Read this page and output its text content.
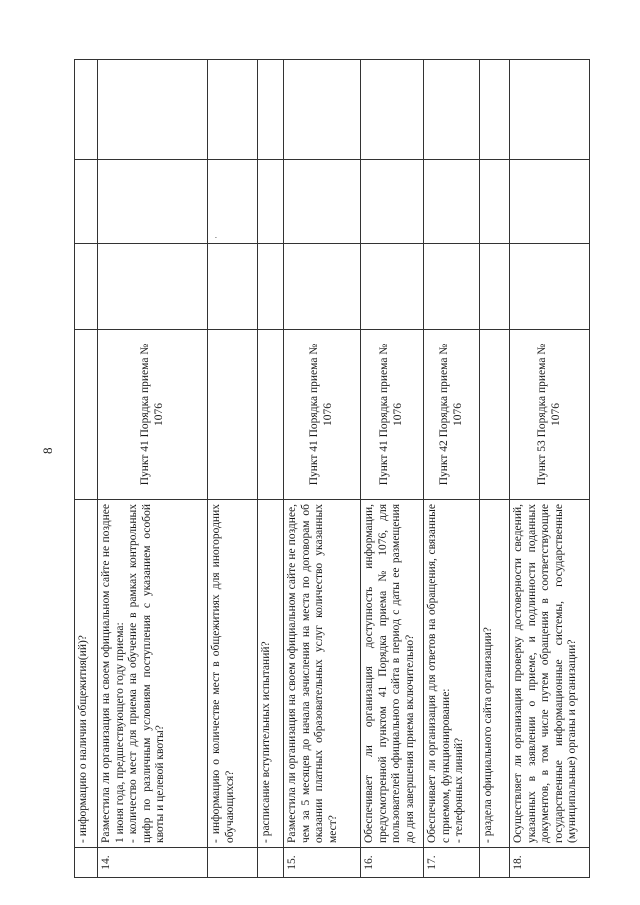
8

	- информацию о наличии общежития(ий)?				

14.	Разместила ли организация на своем официальном сайте не позднее 1 июня года, предшествующего году приема: - количество мест для приема на обучение в рамках контрольных цифр по различным условиям поступления с указанием особой квоты и целевой квоты?	Пункт 41 Порядка приема № 1076			

	- информацию о количестве мест в общежитиях для иногородних обучающихся?			·	

	- расписание вступительных испытаний?				

15.	Разместила ли организация на своем официальном сайте не позднее, чем за 5 месяцев до начала зачисления на места по договорам об оказании платных образовательных услуг количество указанных мест?	Пункт 41 Порядка приема № 1076			
16.	Обеспечивает ли организация доступность информации, предусмотренной пунктом 41 Порядка приема № 1076, для пользователей официального сайта в период с даты ее размещения до дня завершения приема включительно?	Пункт 41 Порядка приема № 1076			
17.	Обеспечивает ли организация для ответов на обращения, связанные с приемом, функционирование: - телефонных линий?	Пункт 42 Порядка приема № 1076			

	- раздела официального сайта организации?				

18.	Осуществляет ли организация проверку достоверности сведений, указанных в заявлении о приеме, и подлинности поданных документов, в том числе путем обращения в соответствующие государственные информационные системы, государственные (муниципальные) органы и организации?	Пункт 53 Порядка приема № 1076			
